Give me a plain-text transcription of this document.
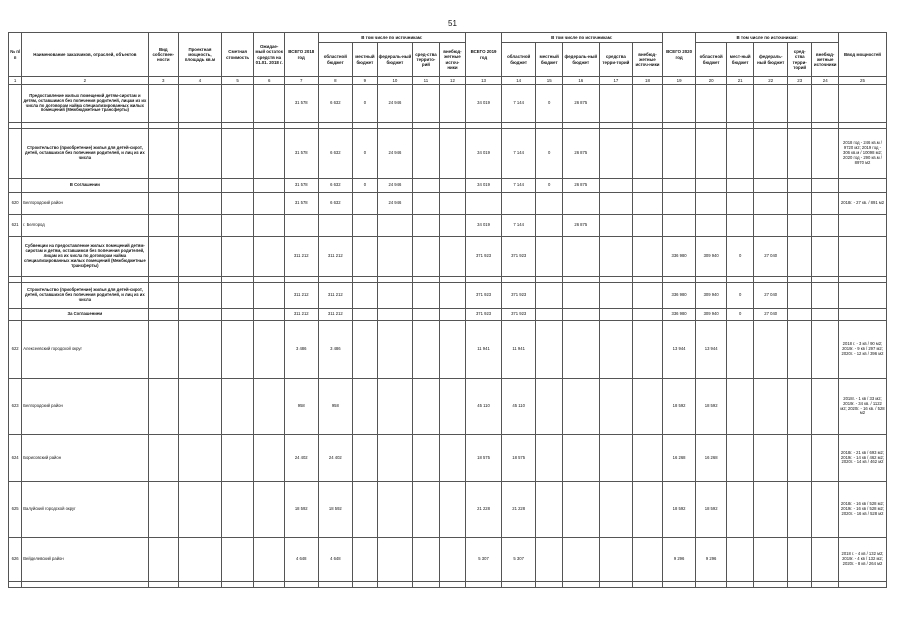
51
№ п/п	Наименование заказчиков, отраслей, объектов	Вид собствен-ности	Проектная мощность, площадь кв.м	Сметная стоимость	Ожидае-мый остаток средств на 01.01. 2018 г.	ВСЕГО 2018 год	В том числе по источникам:					ВСЕГО 2019 год	В том числе по источникам:					ВСЕГО 2020 год	В том числе по источникам:					Ввод мощностей
							областной бюджет	местный бюджет	федераль-ный бюджет	сред-ства террито-рий	внебюд-жетные источ-ники		областной бюджет	местный бюджет	федераль-ный бюджет	средства терри-торий	внебюд-жетные источ-ники		областной бюджет	мест-ный бюджет	федераль-ный бюджет	сред-ства терри-торий	внебюд-жетные источники	
1	2	3	4	5	6	7	8	9	10	11	12	13	14	15	16	17	18	19	20	21	22	23	24	25
	Предоставление жилых помещений детям-сиротам и детям, оставшимся без попечения родителей, лицам из их числа по договорам найма специализированных жилых помещений (Межбюджетные трансферты)					31 578	6 632	0	24 946			34 019	7 144	0	26 875									

	Строительство (приобретение) жилья для детей-сирот, детей, оставшихся без попечения родителей, и лиц из их числа					31 578	6 632	0	24 946			34 019	7 144	0	26 875									2018 год - 246 кв.м / 9720 м2; 2019 год - 306 кв.м / 10098 м2; 2020 год - 290 кв.м / 8970 м2
	В Соглашении					31 578	6 632	0	24 946			34 019	7 144	0	26 875									
620	Белгородский район					31 578	6 632		24 946															2018г. - 27 кв. / 891 м2
621	г. Белгород											34 019	7 144		26 875									
	Субвенции на предоставление жилых помещений детям-сиротам и детям, оставшимся без попечения родителей, лицам из их числа по договорам найма специализированных жилых помещений (Межбюджетные трансферты)					311 212	311 212					371 923	371 923					336 980	309 940	0	27 040			

	Строительство (приобретение) жилья для детей-сирот, детей, оставшихся без попечения родителей, и лиц из их числа					311 212	311 212					371 923	371 923					336 980	309 940	0	27 040			
	За Соглашением					311 212	311 212					371 923	371 923					336 980	309 940	0	27 040			
622	Алексеевский городской округ					3 486	3 486					11 941	11 941					13 944	13 944					2018 г. - 3 кв / 90 м2; 2019г. - 9 кв / 297 м2; 2020г. - 12 кв / 396 м2
623	Белгородский район					958	958					45 110	45 110					18 592	18 592					2018г. - 1 кв / 33 м2; 2019г. - 34 кв. / 1122 м2; 2020г. - 16 кв. / 528 м2
624	Борисовский район					24 402	24 402					18 575	18 575					16 268	16 268					2018г. - 21 кв / 693 м2; 2019г. - 14 кв / 462 м2; 2020г. - 14 кв / 462 м2
625	Валуйский городской округ					18 592	18 592					21 228	21 228					18 592	18 592					2018г. - 16 кв / 528 м2; 2019г. - 16 кв / 528 м2; 2020г. - 16 кв / 528 м2
626	Вейделевский район					4 648	4 648					5 307	5 307					9 296	9 296					2018 г. - 4 кв / 132 м2; 2019г. - 4 кв / 132 м2; 2020г. - 8 кв / 264 м2
